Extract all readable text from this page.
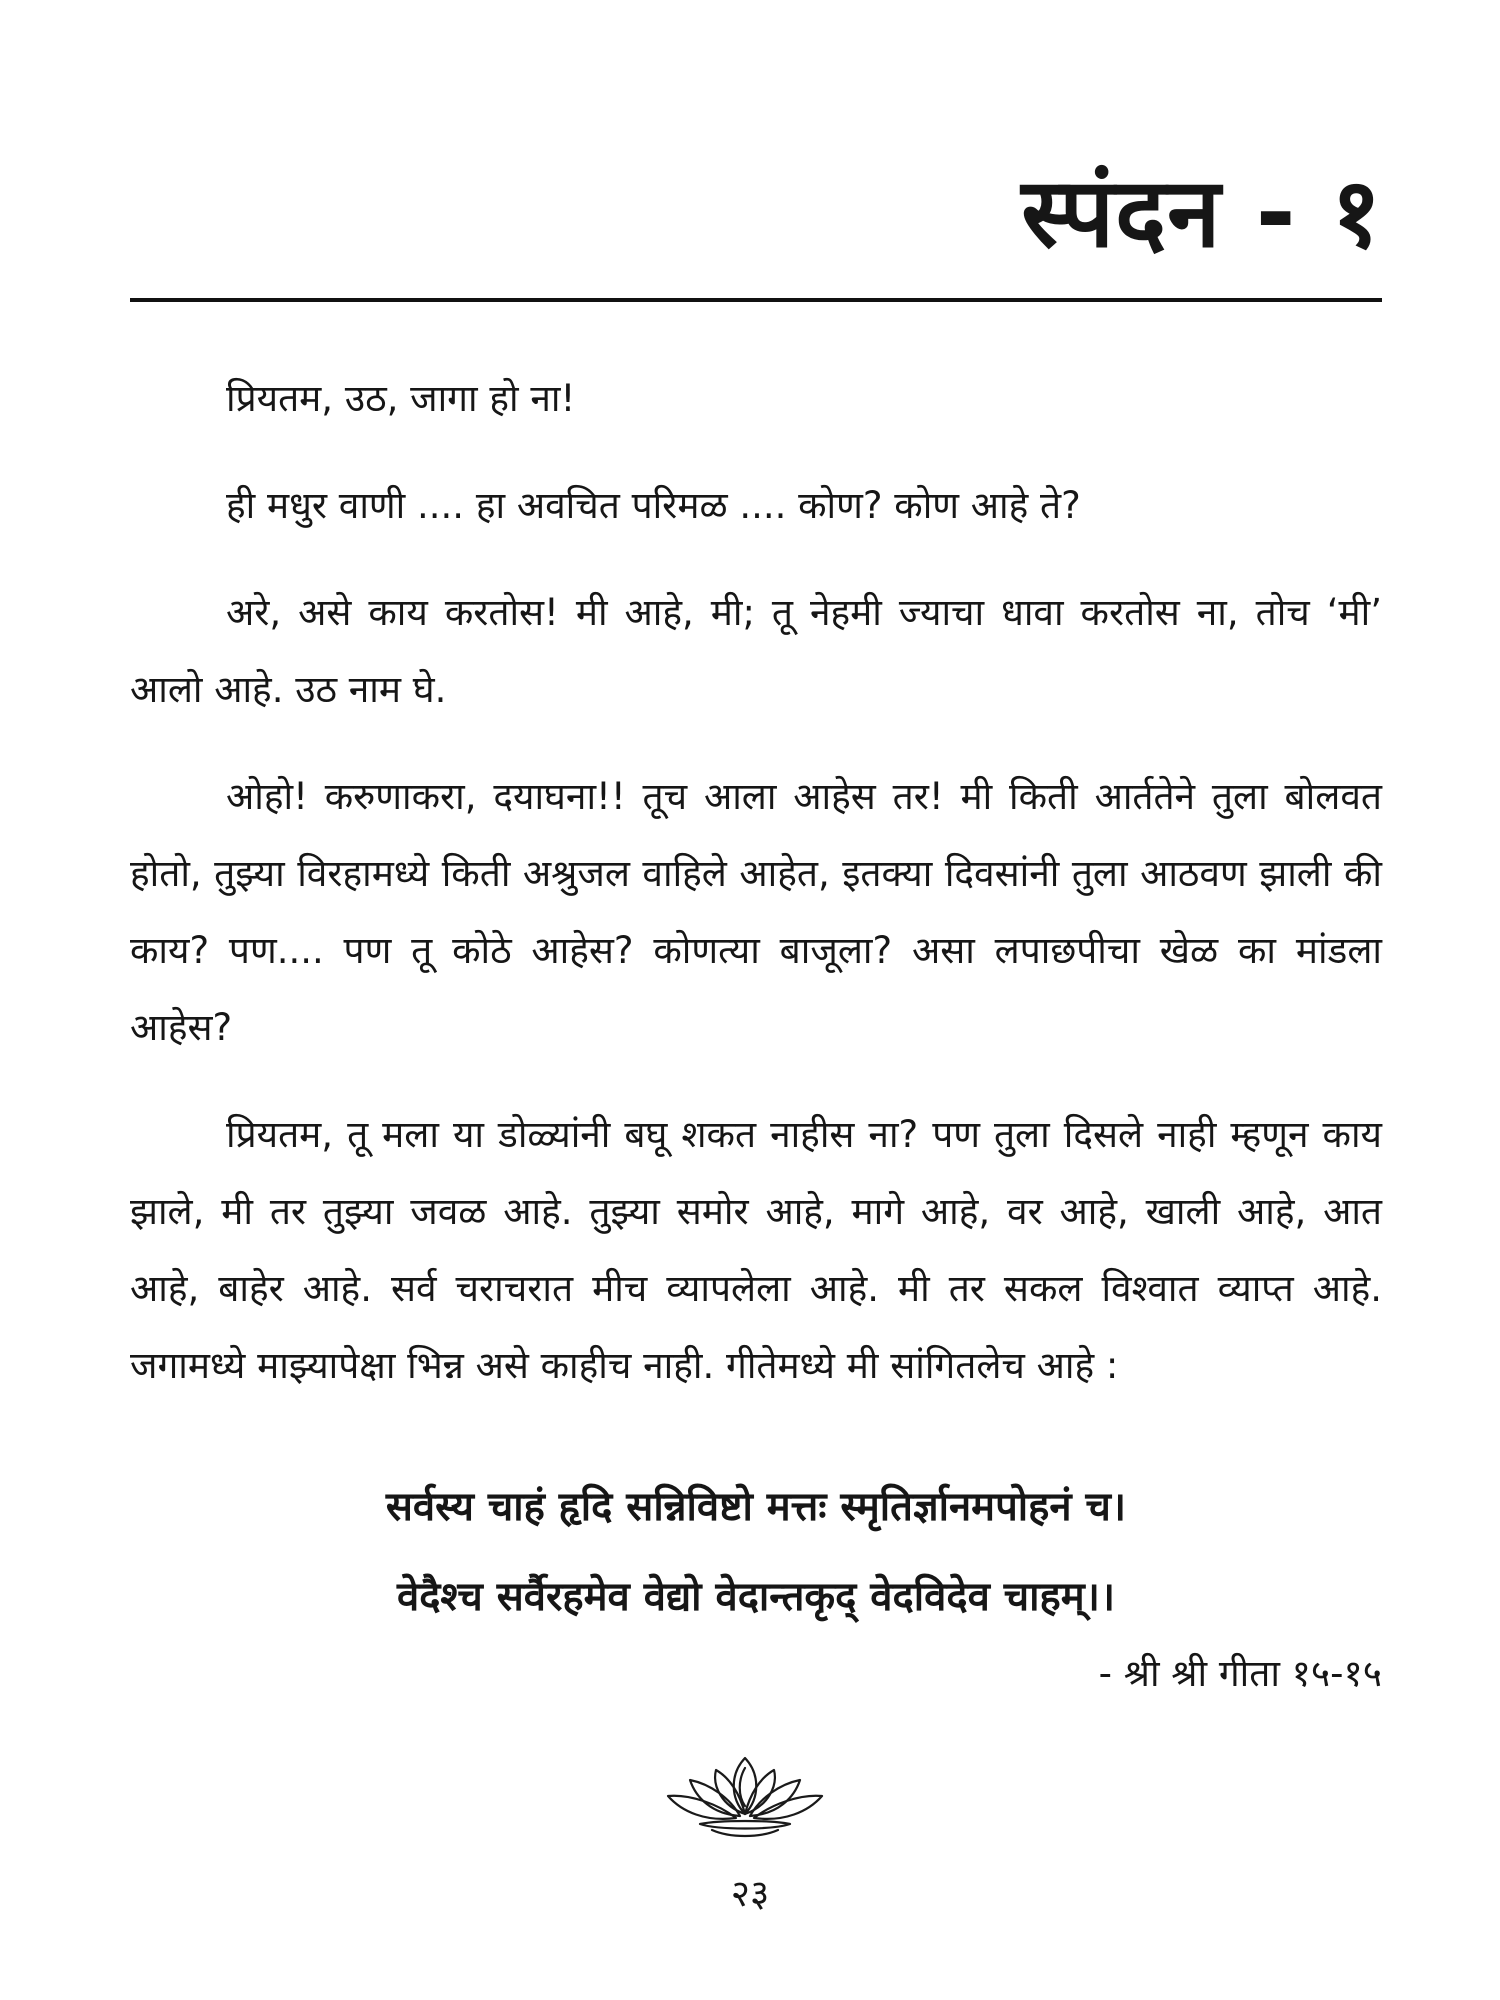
स्पंदन - १

प्रियतम, उठ, जागा हो ना!

ही मधुर वाणी .... हा अवचित परिमळ .... कोण? कोण आहे ते?

अरे, असे काय करतोस! मी आहे, मी; तू नेहमी ज्याचा धावा करतोस ना, तोच ‘मी’ आलो आहे. उठ नाम घे.

ओहो! करुणाकरा, दयाघना!! तूच आला आहेस तर! मी किती आर्ततेने तुला बोलवत होतो, तुझ्या विरहामध्ये किती अश्रुजल वाहिले आहेत, इतक्या दिवसांनी तुला आठवण झाली की काय? पण.... पण तू कोठे आहेस? कोणत्या बाजूला? असा लपाछपीचा खेळ का मांडला आहेस?

प्रियतम, तू मला या डोळ्यांनी बघू शकत नाहीस ना? पण तुला दिसले नाही म्हणून काय झाले, मी तर तुझ्या जवळ आहे. तुझ्या समोर आहे, मागे आहे, वर आहे, खाली आहे, आत आहे, बाहेर आहे. सर्व चराचरात मीच व्यापलेला आहे. मी तर सकल विश्वात व्याप्त आहे. जगामध्ये माझ्यापेक्षा भिन्न असे काहीच नाही. गीतेमध्ये मी सांगितलेच आहे :

सर्वस्य चाहं हृदि सन्निविष्टो मत्तः स्मृतिर्ज्ञानमपोहनं च।
वेदैश्च सर्वैरहमेव वेद्यो वेदान्तकृद् वेदविदेव चाहम्।।
- श्री श्री गीता १५-१५
२३
